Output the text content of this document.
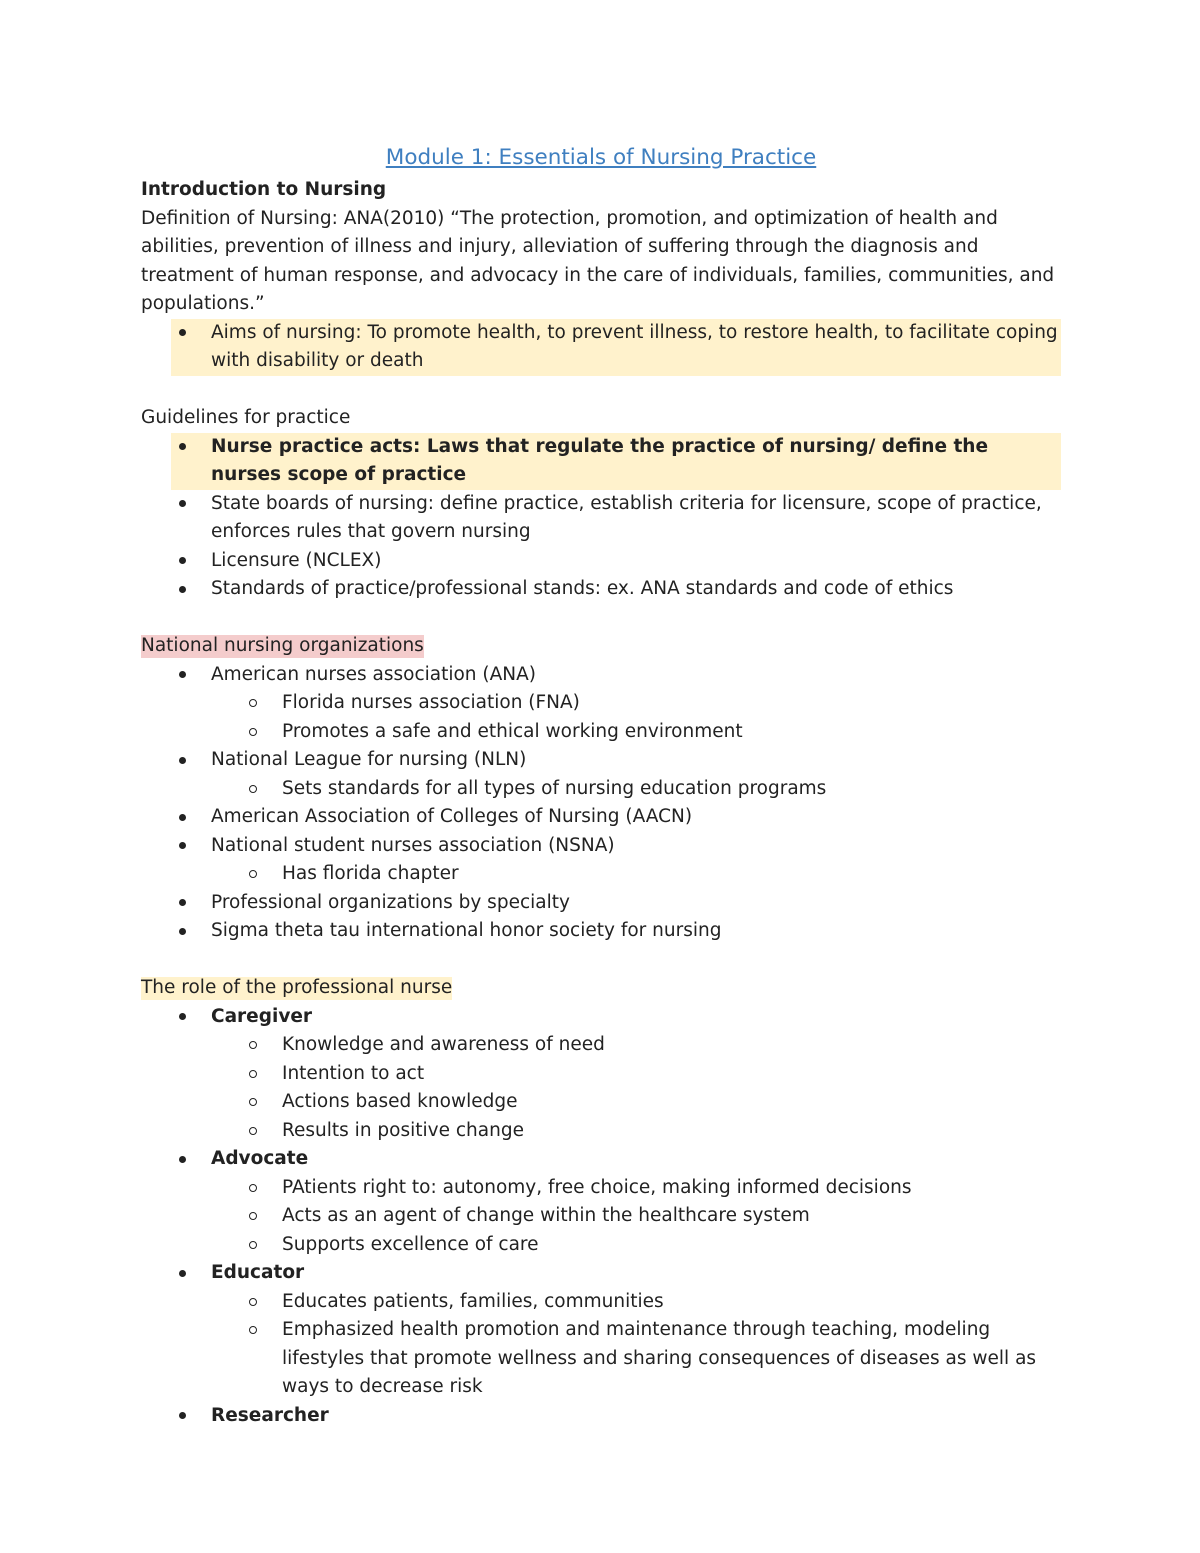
Module 1: Essentials of Nursing Practice

Introduction to Nursing

Definition of Nursing: ANA(2010) “The protection, promotion, and optimization of health and abilities, prevention of illness and injury, alleviation of suffering through the diagnosis and treatment of human response, and advocacy in the care of individuals, families, communities, and populations.”

Aims of nursing: To promote health, to prevent illness, to restore health, to facilitate coping with disability or death

Guidelines for practice

Nurse practice acts: Laws that regulate the practice of nursing/ define the nurses scope of practice
State boards of nursing: define practice, establish criteria for licensure, scope of practice, enforces rules that govern nursing
Licensure (NCLEX)
Standards of practice/professional stands: ex. ANA standards and code of ethics

National nursing organizations

American nurses association (ANA)
Florida nurses association (FNA)
Promotes a safe and ethical working environment
National League for nursing (NLN)
Sets standards for all types of nursing education programs
American Association of Colleges of Nursing (AACN)
National student nurses association (NSNA)
Has florida chapter
Professional organizations by specialty
Sigma theta tau international honor society for nursing

The role of the professional nurse

Caregiver
Knowledge and awareness of need
Intention to act
Actions based knowledge
Results in positive change
Advocate
PAtients right to: autonomy, free choice, making informed decisions
Acts as an agent of change within the healthcare system
Supports excellence of care
Educator
Educates patients, families, communities
Emphasized health promotion and maintenance through teaching, modeling lifestyles that promote wellness and sharing consequences of diseases as well as ways to decrease risk
Researcher
